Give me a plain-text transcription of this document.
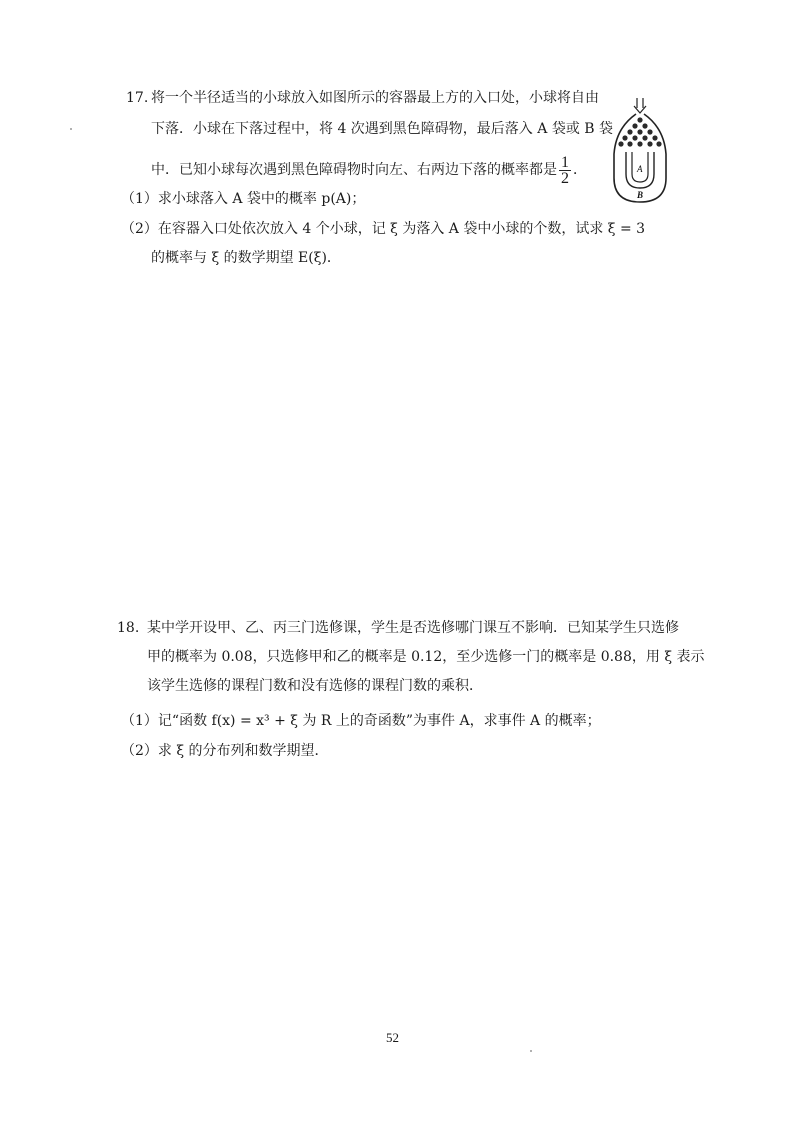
17. 将一个半径适当的小球放入如图所示的容器最上方的入口处，小球将自由
下落．小球在下落过程中，将 4 次遇到黑色障碍物，最后落入 A 袋或 B 袋
中．已知小球每次遇到黑色障碍物时向左、右两边下落的概率都是 $\frac{1}{2}$ ．
（1）求小球落入 A 袋中的概率 p(A)；
（2）在容器入口处依次放入 4 个小球，记 ξ 为落入 A 袋中小球的个数，试求 ξ = 3
的概率与 ξ 的数学期望 E(ξ)．
A
B
18. 某中学开设甲、乙、丙三门选修课，学生是否选修哪门课互不影响．已知某学生只选修
甲的概率为 0.08，只选修甲和乙的概率是 0.12，至少选修一门的概率是 0.88，用 ξ 表示
该学生选修的课程门数和没有选修的课程门数的乘积．
（1）记“函数 f(x) = x³ + ξ 为 R 上的奇函数”为事件 A，求事件 A 的概率；
（2）求 ξ 的分布列和数学期望．
52
